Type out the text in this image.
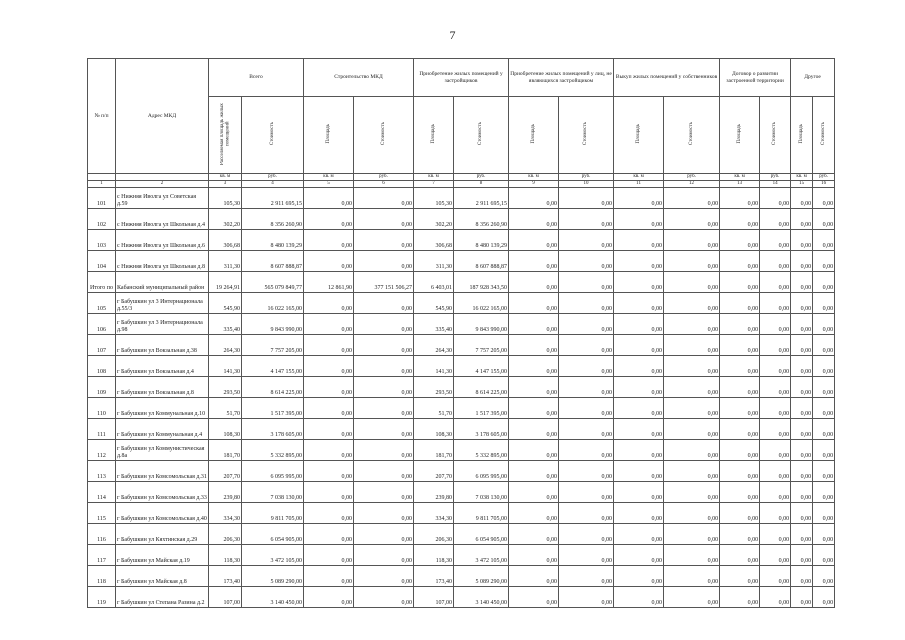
7
№ п/п	Адрес МКД	Всего		Строительство МКД		Приобретение жилых помещений у застройщиков		Приобретение жилых помещений у лиц, не являющихся застройщиком		Выкуп жилых помещений у собственников		Договор о развитии застроенной территории		Другое	
		Расселяемая площадь жилых помещений	Стоимость	Площадь	Стоимость	Площадь	Стоимость	Площадь	Стоимость	Площадь	Стоимость	Площадь	Стоимость	Площадь	Стоимость
		кв. м	руб.	кв. м	руб.	кв. м	руб.	кв. м	руб.	кв. м	руб.	кв. м	руб.	кв. м	руб.
1	2	3	4	5	6	7	8	9	10	11	12	13	14	15	16
101	с Нижняя Иволга ул Советская д.59	105,30	2 911 695,15	0,00	0,00	105,30	2 911 695,15	0,00	0,00	0,00	0,00	0,00	0,00	0,00	0,00
102	с Нижняя Иволга ул Школьная д.4	302,20	8 356 260,90	0,00	0,00	302,20	8 356 260,90	0,00	0,00	0,00	0,00	0,00	0,00	0,00	0,00
103	с Нижняя Иволга ул Школьная д.6	306,68	8 480 139,29	0,00	0,00	306,68	8 480 139,29	0,00	0,00	0,00	0,00	0,00	0,00	0,00	0,00
104	с Нижняя Иволга ул Школьная д.8	311,30	8 607 888,87	0,00	0,00	311,30	8 607 888,87	0,00	0,00	0,00	0,00	0,00	0,00	0,00	0,00
Итого по	Кабанский муниципальный район	19 264,91	565 079 849,77	12 861,90	377 151 506,27	6 403,01	187 928 343,50	0,00	0,00	0,00	0,00	0,00	0,00	0,00	0,00
105	г Бабушкин ул 3 Интернационала д.55/3	545,90	16 022 165,00	0,00	0,00	545,90	16 022 165,00	0,00	0,00	0,00	0,00	0,00	0,00	0,00	0,00
106	г Бабушкин ул 3 Интернационала д.98	335,40	9 843 990,00	0,00	0,00	335,40	9 843 990,00	0,00	0,00	0,00	0,00	0,00	0,00	0,00	0,00
107	г Бабушкин ул Вокзальная д.38	264,30	7 757 205,00	0,00	0,00	264,30	7 757 205,00	0,00	0,00	0,00	0,00	0,00	0,00	0,00	0,00
108	г Бабушкин ул Вокзальная д.4	141,30	4 147 155,00	0,00	0,00	141,30	4 147 155,00	0,00	0,00	0,00	0,00	0,00	0,00	0,00	0,00
109	г Бабушкин ул Вокзальная д.8	293,50	8 614 225,00	0,00	0,00	293,50	8 614 225,00	0,00	0,00	0,00	0,00	0,00	0,00	0,00	0,00
110	г Бабушкин ул Коммунальная д.10	51,70	1 517 395,00	0,00	0,00	51,70	1 517 395,00	0,00	0,00	0,00	0,00	0,00	0,00	0,00	0,00
111	г Бабушкин ул Коммунальная д.4	108,30	3 178 605,00	0,00	0,00	108,30	3 178 605,00	0,00	0,00	0,00	0,00	0,00	0,00	0,00	0,00
112	г Бабушкин ул Коммунистическая д.8а	181,70	5 332 895,00	0,00	0,00	181,70	5 332 895,00	0,00	0,00	0,00	0,00	0,00	0,00	0,00	0,00
113	г Бабушкин ул Комсомольская д.31	207,70	6 095 995,00	0,00	0,00	207,70	6 095 995,00	0,00	0,00	0,00	0,00	0,00	0,00	0,00	0,00
114	г Бабушкин ул Комсомольская д.33	239,80	7 038 130,00	0,00	0,00	239,80	7 038 130,00	0,00	0,00	0,00	0,00	0,00	0,00	0,00	0,00
115	г Бабушкин ул Комсомольская д.40	334,30	9 811 705,00	0,00	0,00	334,30	9 811 705,00	0,00	0,00	0,00	0,00	0,00	0,00	0,00	0,00
116	г Бабушкин ул Кяхтинская д.29	206,30	6 054 905,00	0,00	0,00	206,30	6 054 905,00	0,00	0,00	0,00	0,00	0,00	0,00	0,00	0,00
117	г Бабушкин ул Майская д.19	118,30	3 472 105,00	0,00	0,00	118,30	3 472 105,00	0,00	0,00	0,00	0,00	0,00	0,00	0,00	0,00
118	г Бабушкин ул Майская д.8	173,40	5 089 290,00	0,00	0,00	173,40	5 089 290,00	0,00	0,00	0,00	0,00	0,00	0,00	0,00	0,00
119	г Бабушкин ул Степана Разина д.2	107,00	3 140 450,00	0,00	0,00	107,00	3 140 450,00	0,00	0,00	0,00	0,00	0,00	0,00	0,00	0,00
